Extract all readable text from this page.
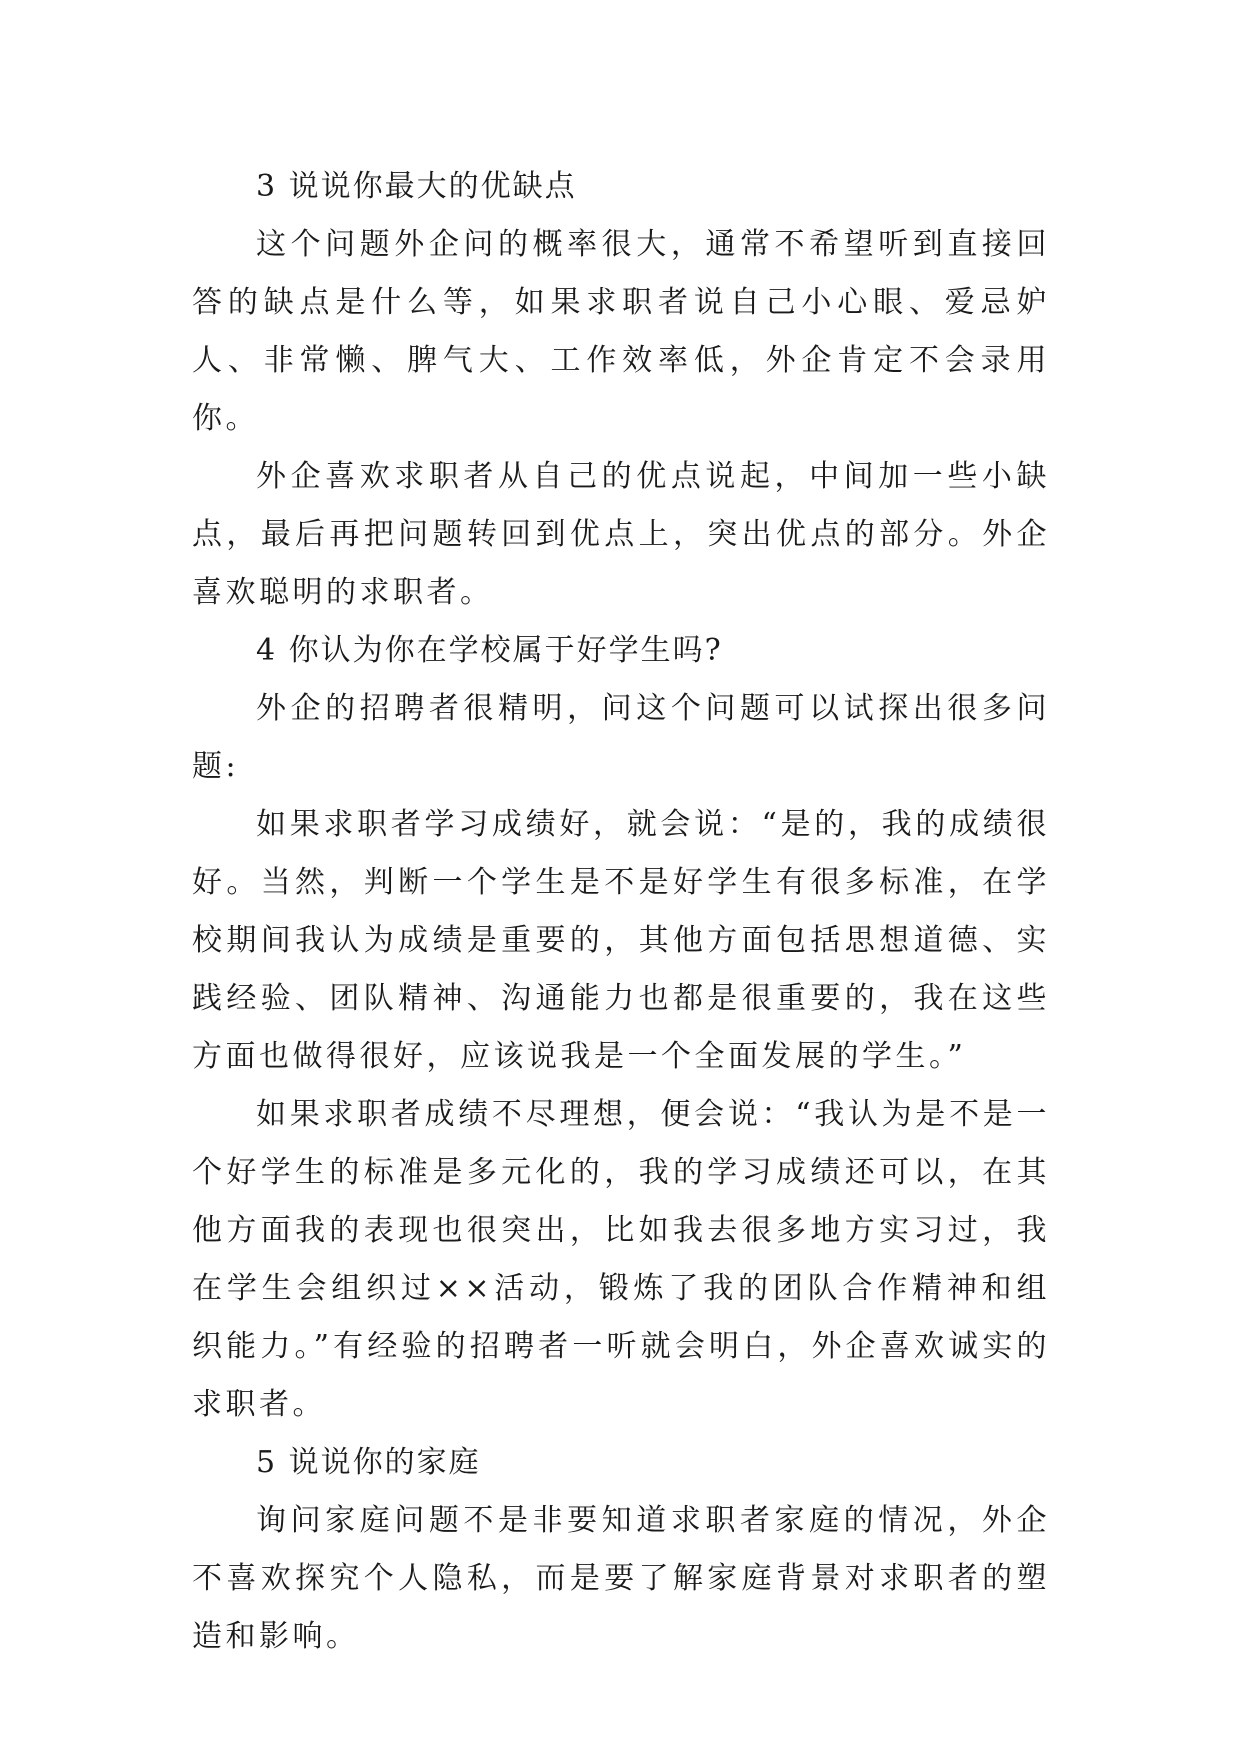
3 说说你最大的优缺点

这个问题外企问的概率很大，通常不希望听到直接回答的缺点是什么等，如果求职者说自己小心眼、爱忌妒人、非常懒、脾气大、工作效率低，外企肯定不会录用你。

外企喜欢求职者从自己的优点说起，中间加一些小缺点，最后再把问题转回到优点上，突出优点的部分。外企喜欢聪明的求职者。

4 你认为你在学校属于好学生吗?

外企的招聘者很精明，问这个问题可以试探出很多问题:

如果求职者学习成绩好，就会说：“是的，我的成绩很好。当然，判断一个学生是不是好学生有很多标准，在学校期间我认为成绩是重要的，其他方面包括思想道德、实践经验、团队精神、沟通能力也都是很重要的，我在这些方面也做得很好，应该说我是一个全面发展的学生。”

如果求职者成绩不尽理想，便会说：“我认为是不是一个好学生的标准是多元化的，我的学习成绩还可以，在其他方面我的表现也很突出，比如我去很多地方实习过，我在学生会组织过××活动，锻炼了我的团队合作精神和组织能力。”有经验的招聘者一听就会明白，外企喜欢诚实的求职者。

5 说说你的家庭

询问家庭问题不是非要知道求职者家庭的情况，外企不喜欢探究个人隐私，而是要了解家庭背景对求职者的塑造和影响。
